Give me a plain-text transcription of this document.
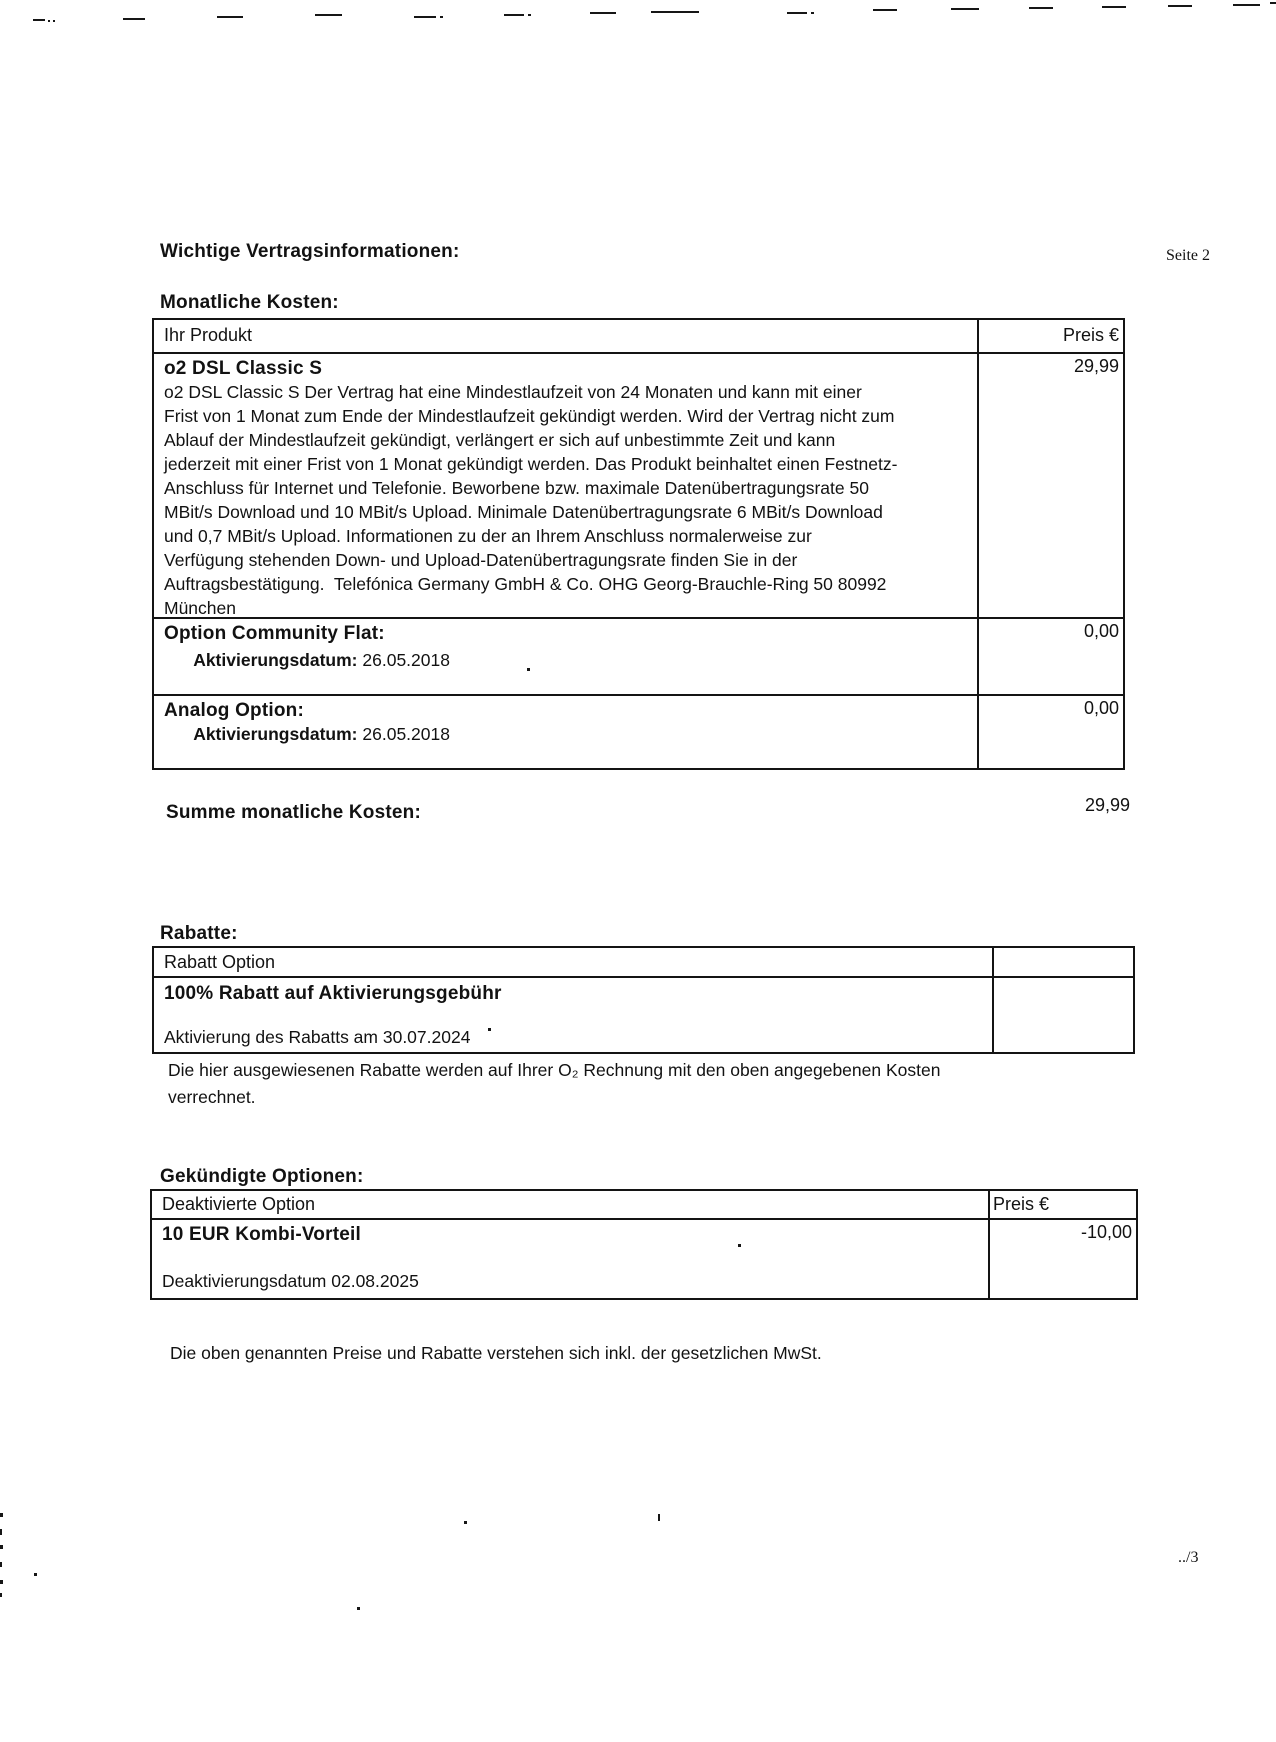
Wichtige Vertragsinformationen:	Seite 2
Monatliche Kosten:
Ihr Produkt	Preis €
o2 DSL Classic S
o2 DSL Classic S Der Vertrag hat eine Mindestlaufzeit von 24 Monaten und kann mit einer
Frist von 1 Monat zum Ende der Mindestlaufzeit gekündigt werden. Wird der Vertrag nicht zum
Ablauf der Mindestlaufzeit gekündigt, verlängert er sich auf unbestimmte Zeit und kann
jederzeit mit einer Frist von 1 Monat gekündigt werden. Das Produkt beinhaltet einen Festnetz-
Anschluss für Internet und Telefonie. Beworbene bzw. maximale Datenübertragungsrate 50
MBit/s Download und 10 MBit/s Upload. Minimale Datenübertragungsrate 6 MBit/s Download
und 0,7 MBit/s Upload. Informationen zu der an Ihrem Anschluss normalerweise zur
Verfügung stehenden Down- und Upload-Datenübertragungsrate finden Sie in der
Auftragsbestätigung.  Telefónica Germany GmbH & Co. OHG Georg-Brauchle-Ring 50 80992
München
29,99
Option Community Flat:

Aktivierungsdatum: 26.05.2018

0,00
Analog Option:

Aktivierungsdatum: 26.05.2018

0,00
Summe monatliche Kosten:	29,99
Rabatte:
Rabatt Option
100% Rabatt auf Aktivierungsgebühr
Aktivierung des Rabatts am 30.07.2024
Die hier ausgewiesenen Rabatte werden auf Ihrer O₂ Rechnung mit den oben angegebenen Kosten
verrechnet.
Gekündigte Optionen:
Deaktivierte Option	Preis €
10 EUR Kombi-Vorteil
Deaktivierungsdatum 02.08.2025
-10,00
Die oben genannten Preise und Rabatte verstehen sich inkl. der gesetzlichen MwSt.
../3
